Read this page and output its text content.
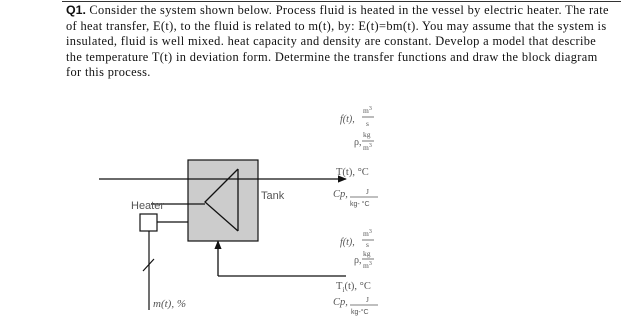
Q1. Consider the system shown below. Process fluid is heated in the vessel by electric heater. The rate of heat transfer, E(t), to the fluid is related to m(t), by: E(t)=bm(t). You may assume that the system is insulated, fluid is well mixed. heat capacity and density are constant. Develop a model that describe the temperature T(t) in deviation form. Determine the transfer functions and draw the block diagram for this process.
Heater
Tank
m(t), %
f(t),
$m^3$
s
ρ,
kg
$m^3$
T(t), °C
Cp, J
kg- °C
f(t),
$m^3$
s
ρ,
kg
$m^3$
$T_i(t)$, °C
Cp, J
kg-°C
